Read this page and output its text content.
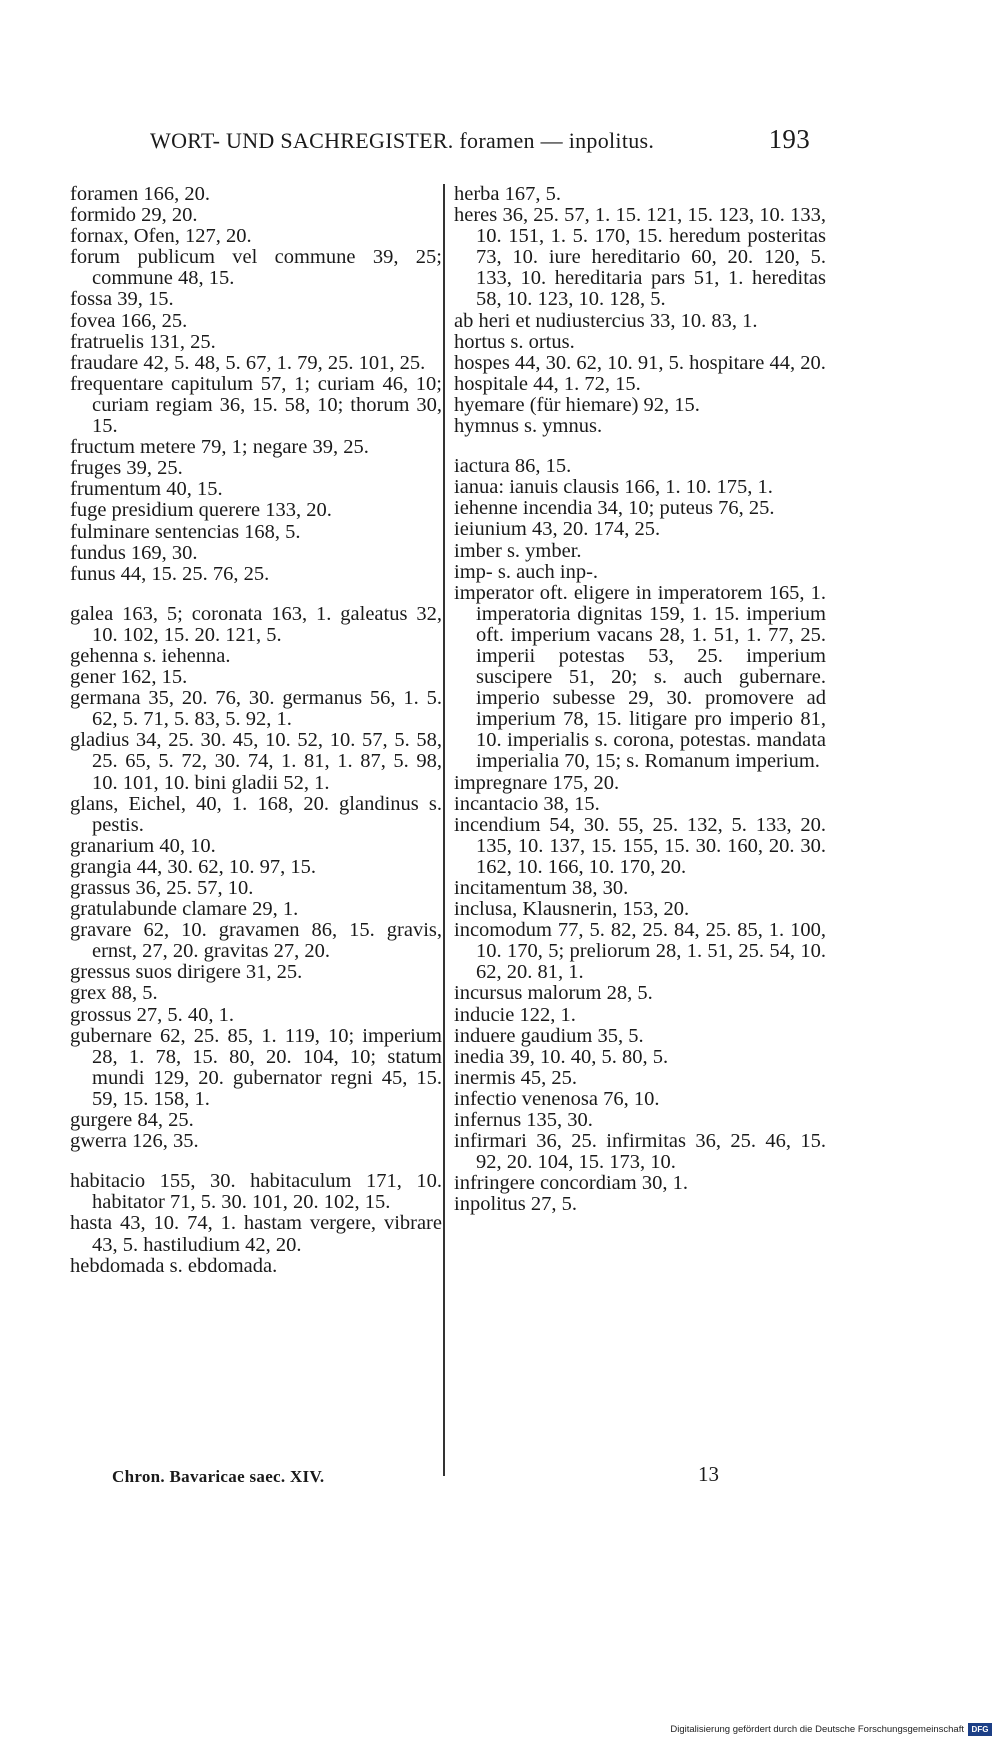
WORT- UND SACHREGISTER. foramen — inpolitus.	193
foramen 166, 20.
formido 29, 20.
fornax, Ofen, 127, 20.
forum publicum vel commune 39, 25; commune 48, 15.
fossa 39, 15.
fovea 166, 25.
fratruelis 131, 25.
fraudare 42, 5. 48, 5. 67, 1. 79, 25. 101, 25.
frequentare capitulum 57, 1; curiam 46, 10; curiam regiam 36, 15. 58, 10; thorum 30, 15.
fructum metere 79, 1; negare 39, 25.
fruges 39, 25.
frumentum 40, 15.
fuge presidium querere 133, 20.
fulminare sentencias 168, 5.
fundus 169, 30.
funus 44, 15. 25. 76, 25.
galea 163, 5; coronata 163, 1. galeatus 32, 10. 102, 15. 20. 121, 5.
gehenna s. iehenna.
gener 162, 15.
germana 35, 20. 76, 30. germanus 56, 1. 5. 62, 5. 71, 5. 83, 5. 92, 1.
gladius 34, 25. 30. 45, 10. 52, 10. 57, 5. 58, 25. 65, 5. 72, 30. 74, 1. 81, 1. 87, 5. 98, 10. 101, 10. bini gladii 52, 1.
glans, Eichel, 40, 1. 168, 20. glandinus s. pestis.
granarium 40, 10.
grangia 44, 30. 62, 10. 97, 15.
grassus 36, 25. 57, 10.
gratulabunde clamare 29, 1.
gravare 62, 10. gravamen 86, 15. gravis, ernst, 27, 20. gravitas 27, 20.
gressus suos dirigere 31, 25.
grex 88, 5.
grossus 27, 5. 40, 1.
gubernare 62, 25. 85, 1. 119, 10; imperium 28, 1. 78, 15. 80, 20. 104, 10; statum mundi 129, 20. gubernator regni 45, 15. 59, 15. 158, 1.
gurgere 84, 25.
gwerra 126, 35.
habitacio 155, 30. habitaculum 171, 10. habitator 71, 5. 30. 101, 20. 102, 15.
hasta 43, 10. 74, 1. hastam vergere, vibrare 43, 5. hastiludium 42, 20.
hebdomada s. ebdomada.
herba 167, 5.
heres 36, 25. 57, 1. 15. 121, 15. 123, 10. 133, 10. 151, 1. 5. 170, 15. heredum posteritas 73, 10. iure hereditario 60, 20. 120, 5. 133, 10. hereditaria pars 51, 1. hereditas 58, 10. 123, 10. 128, 5.
ab heri et nudiustercius 33, 10. 83, 1.
hortus s. ortus.
hospes 44, 30. 62, 10. 91, 5. hospitare 44, 20.
hospitale 44, 1. 72, 15.
hyemare (für hiemare) 92, 15.
hymnus s. ymnus.
iactura 86, 15.
ianua: ianuis clausis 166, 1. 10. 175, 1.
iehenne incendia 34, 10; puteus 76, 25.
ieiunium 43, 20. 174, 25.
imber s. ymber.
imp- s. auch inp-.
imperator oft. eligere in imperatorem 165, 1. imperatoria dignitas 159, 1. 15. imperium oft. imperium vacans 28, 1. 51, 1. 77, 25. imperii potestas 53, 25. imperium suscipere 51, 20; s. auch gubernare. imperio subesse 29, 30. promovere ad imperium 78, 15. litigare pro imperio 81, 10. imperialis s. corona, potestas. mandata imperialia 70, 15; s. Romanum imperium.
impregnare 175, 20.
incantacio 38, 15.
incendium 54, 30. 55, 25. 132, 5. 133, 20. 135, 10. 137, 15. 155, 15. 30. 160, 20. 30. 162, 10. 166, 10. 170, 20.
incitamentum 38, 30.
inclusa, Klausnerin, 153, 20.
incomodum 77, 5. 82, 25. 84, 25. 85, 1. 100, 10. 170, 5; preliorum 28, 1. 51, 25. 54, 10. 62, 20. 81, 1.
incursus malorum 28, 5.
inducie 122, 1.
induere gaudium 35, 5.
inedia 39, 10. 40, 5. 80, 5.
inermis 45, 25.
infectio venenosa 76, 10.
infernus 135, 30.
infirmari 36, 25. infirmitas 36, 25. 46, 15. 92, 20. 104, 15. 173, 10.
infringere concordiam 30, 1.
inpolitus 27, 5.
Chron. Bavaricae saec. XIV.	13
Digitalisierung gefördert durch die Deutsche Forschungsgemeinschaft DFG
